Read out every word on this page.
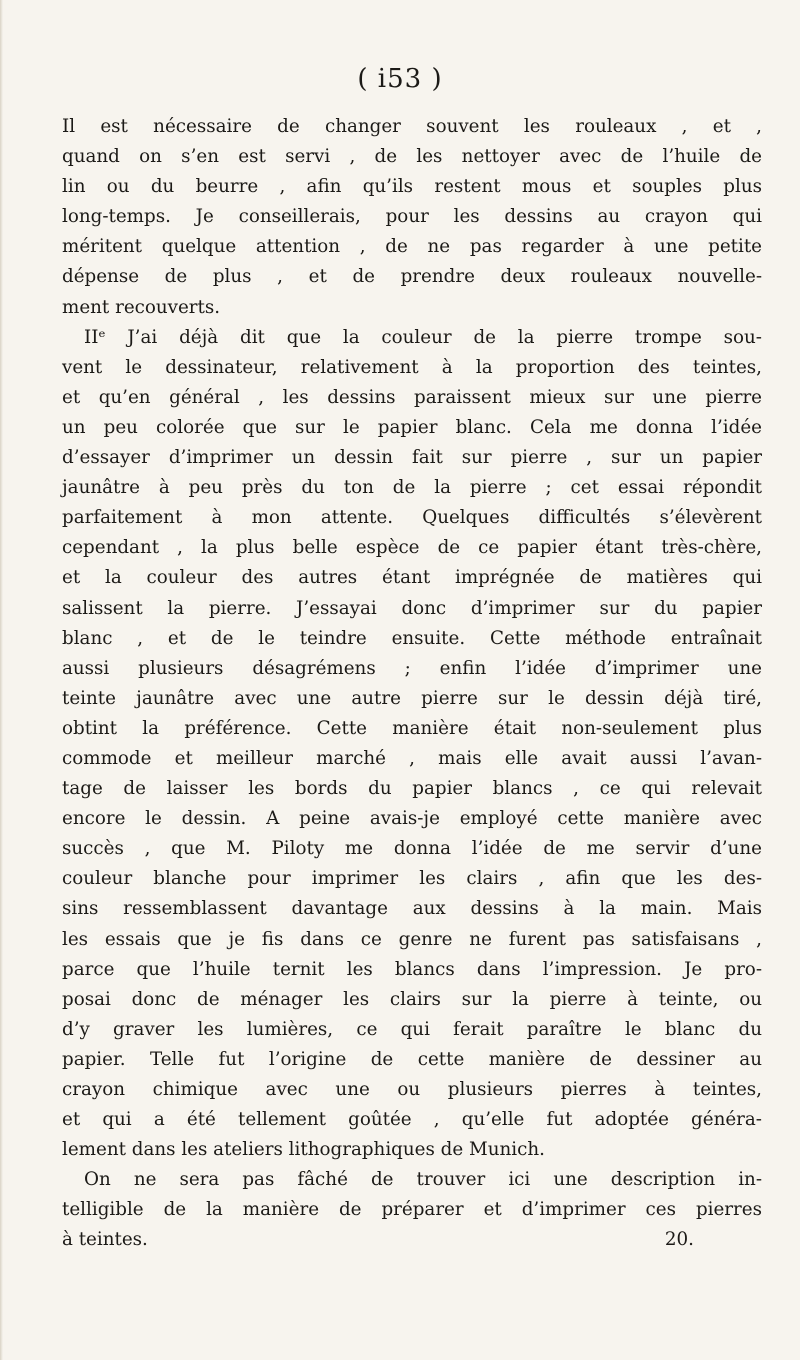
( i53 )
Il est nécessaire de changer souvent les rouleaux , et ,
quand on s’en est servi , de les nettoyer avec de l’huile de
lin ou du beurre , afin qu’ils restent mous et souples plus
long-temps. Je conseillerais, pour les dessins au crayon qui
méritent quelque attention , de ne pas regarder à une petite
dépense de plus , et de prendre deux rouleaux nouvelle-
ment recouverts.
IIᵉ J’ai déjà dit que la couleur de la pierre trompe sou-
vent le dessinateur, relativement à la proportion des teintes,
et qu’en général , les dessins paraissent mieux sur une pierre
un peu colorée que sur le papier blanc. Cela me donna l’idée
d’essayer d’imprimer un dessin fait sur pierre , sur un papier
jaunâtre à peu près du ton de la pierre ; cet essai répondit
parfaitement à mon attente. Quelques difficultés s’élevèrent
cependant , la plus belle espèce de ce papier étant très-chère,
et la couleur des autres étant imprégnée de matières qui
salissent la pierre. J’essayai donc d’imprimer sur du papier
blanc , et de le teindre ensuite. Cette méthode entraînait
aussi plusieurs désagrémens ; enfin l’idée d’imprimer une
teinte jaunâtre avec une autre pierre sur le dessin déjà tiré,
obtint la préférence. Cette manière était non-seulement plus
commode et meilleur marché , mais elle avait aussi l’avan-
tage de laisser les bords du papier blancs , ce qui relevait
encore le dessin. A peine avais-je employé cette manière avec
succès , que M. Piloty me donna l’idée de me servir d’une
couleur blanche pour imprimer les clairs , afin que les des-
sins ressemblassent davantage aux dessins à la main. Mais
les essais que je fis dans ce genre ne furent pas satisfaisans ,
parce que l’huile ternit les blancs dans l’impression. Je pro-
posai donc de ménager les clairs sur la pierre à teinte, ou
d’y graver les lumières, ce qui ferait paraître le blanc du
papier. Telle fut l’origine de cette manière de dessiner au
crayon chimique avec une ou plusieurs pierres à teintes,
et qui a été tellement goûtée , qu’elle fut adoptée généra-
lement dans les ateliers lithographiques de Munich.
On ne sera pas fâché de trouver ici une description in-
telligible de la manière de préparer et d’imprimer ces pierres
à teintes.	20.
